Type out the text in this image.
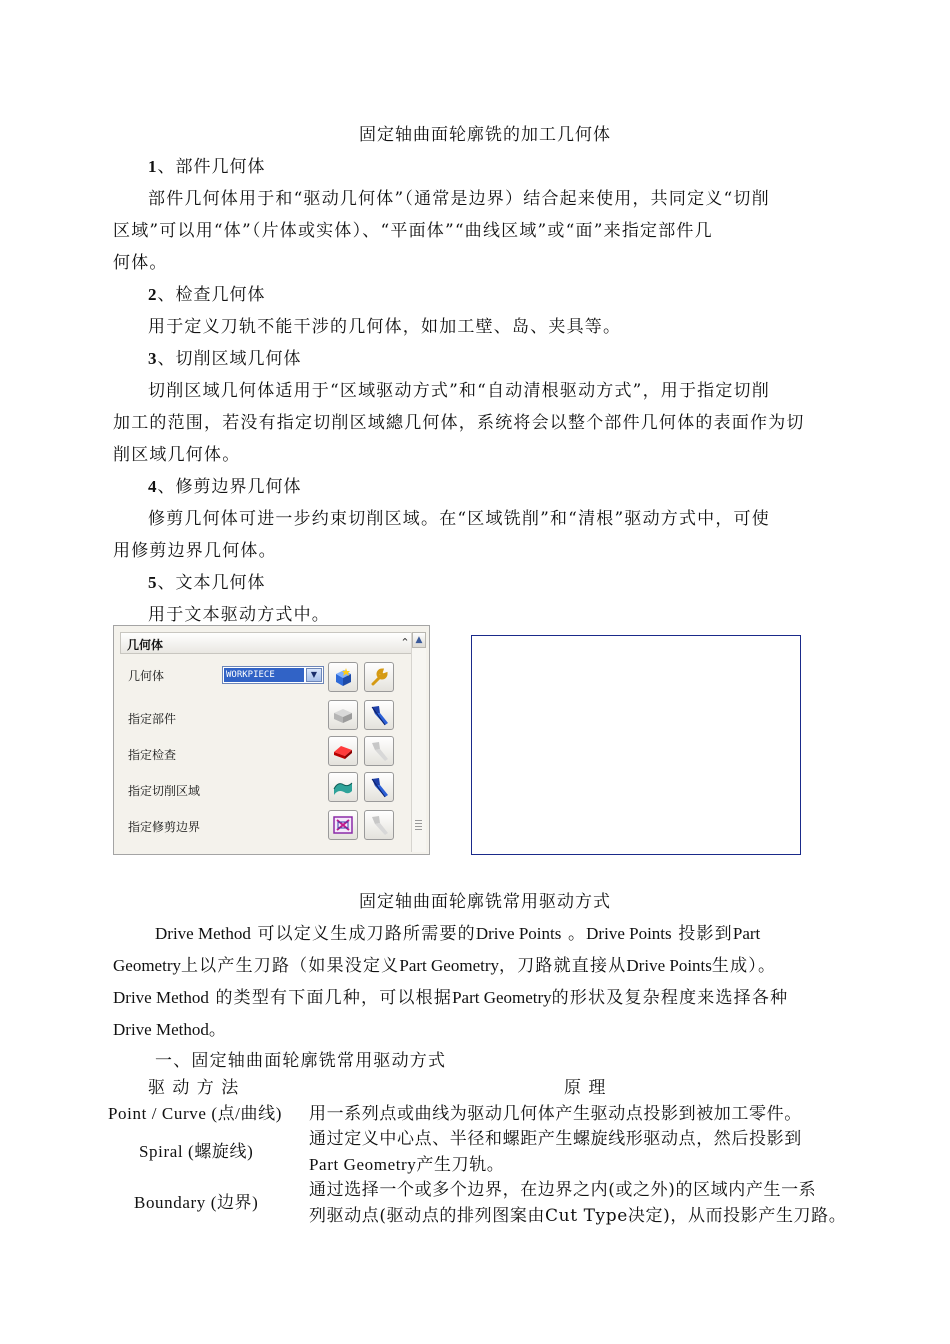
固定轴曲面轮廓铣的加工几何体
1、部件几何体
部件几何体用于和“驱动几何体”（通常是边界）结合起来使用，共同定义“切削
区域”可以用“体”（片体或实体）、“平面体”“曲线区域”或“面”来指定部件几
何体。
2、检查几何体
用于定义刀轨不能干涉的几何体，如加工壁、岛、夹具等。
3、切削区域几何体
切削区域几何体适用于“区域驱动方式”和“自动清根驱动方式”，用于指定切削
加工的范围，若没有指定切削区域總几何体，系统将会以整个部件几何体的表面作为切
削区域几何体。
4、修剪边界几何体
修剪几何体可进一步约束切削区域。在“区域铣削”和“清根”驱动方式中，可使
用修剪边界几何体。
5、文本几何体
用于文本驱动方式中。
几何体	⌃ ▲
几何体	WORKPIECE	▼
指定部件
指定检查
指定切削区域
指定修剪边界
固定轴曲面轮廓铣常用驱动方式
Drive Method 可以定义生成刀路所需要的Drive Points 。Drive Points 投影到Part
Geometry上以产生刀路（如果没定义Part Geometry，刀路就直接从Drive Points生成）。
Drive Method 的类型有下面几种，可以根据Part Geometry的形状及复杂程度来选择各种
Drive Method。
一、固定轴曲面轮廓铣常用驱动方式
驱 动 方 法	原 理
Point / Curve (点/曲线) 用一系列点或曲线为驱动几何体产生驱动点投影到被加工零件。
Spiral (螺旋线)
通过定义中心点、半径和螺距产生螺旋线形驱动点，然后投影到
Part Geometry产生刀轨。
Boundary (边界)
通过选择一个或多个边界，在边界之内(或之外)的区域内产生一系
列驱动点(驱动点的排列图案由Cut Type决定)，从而投影产生刀路。
